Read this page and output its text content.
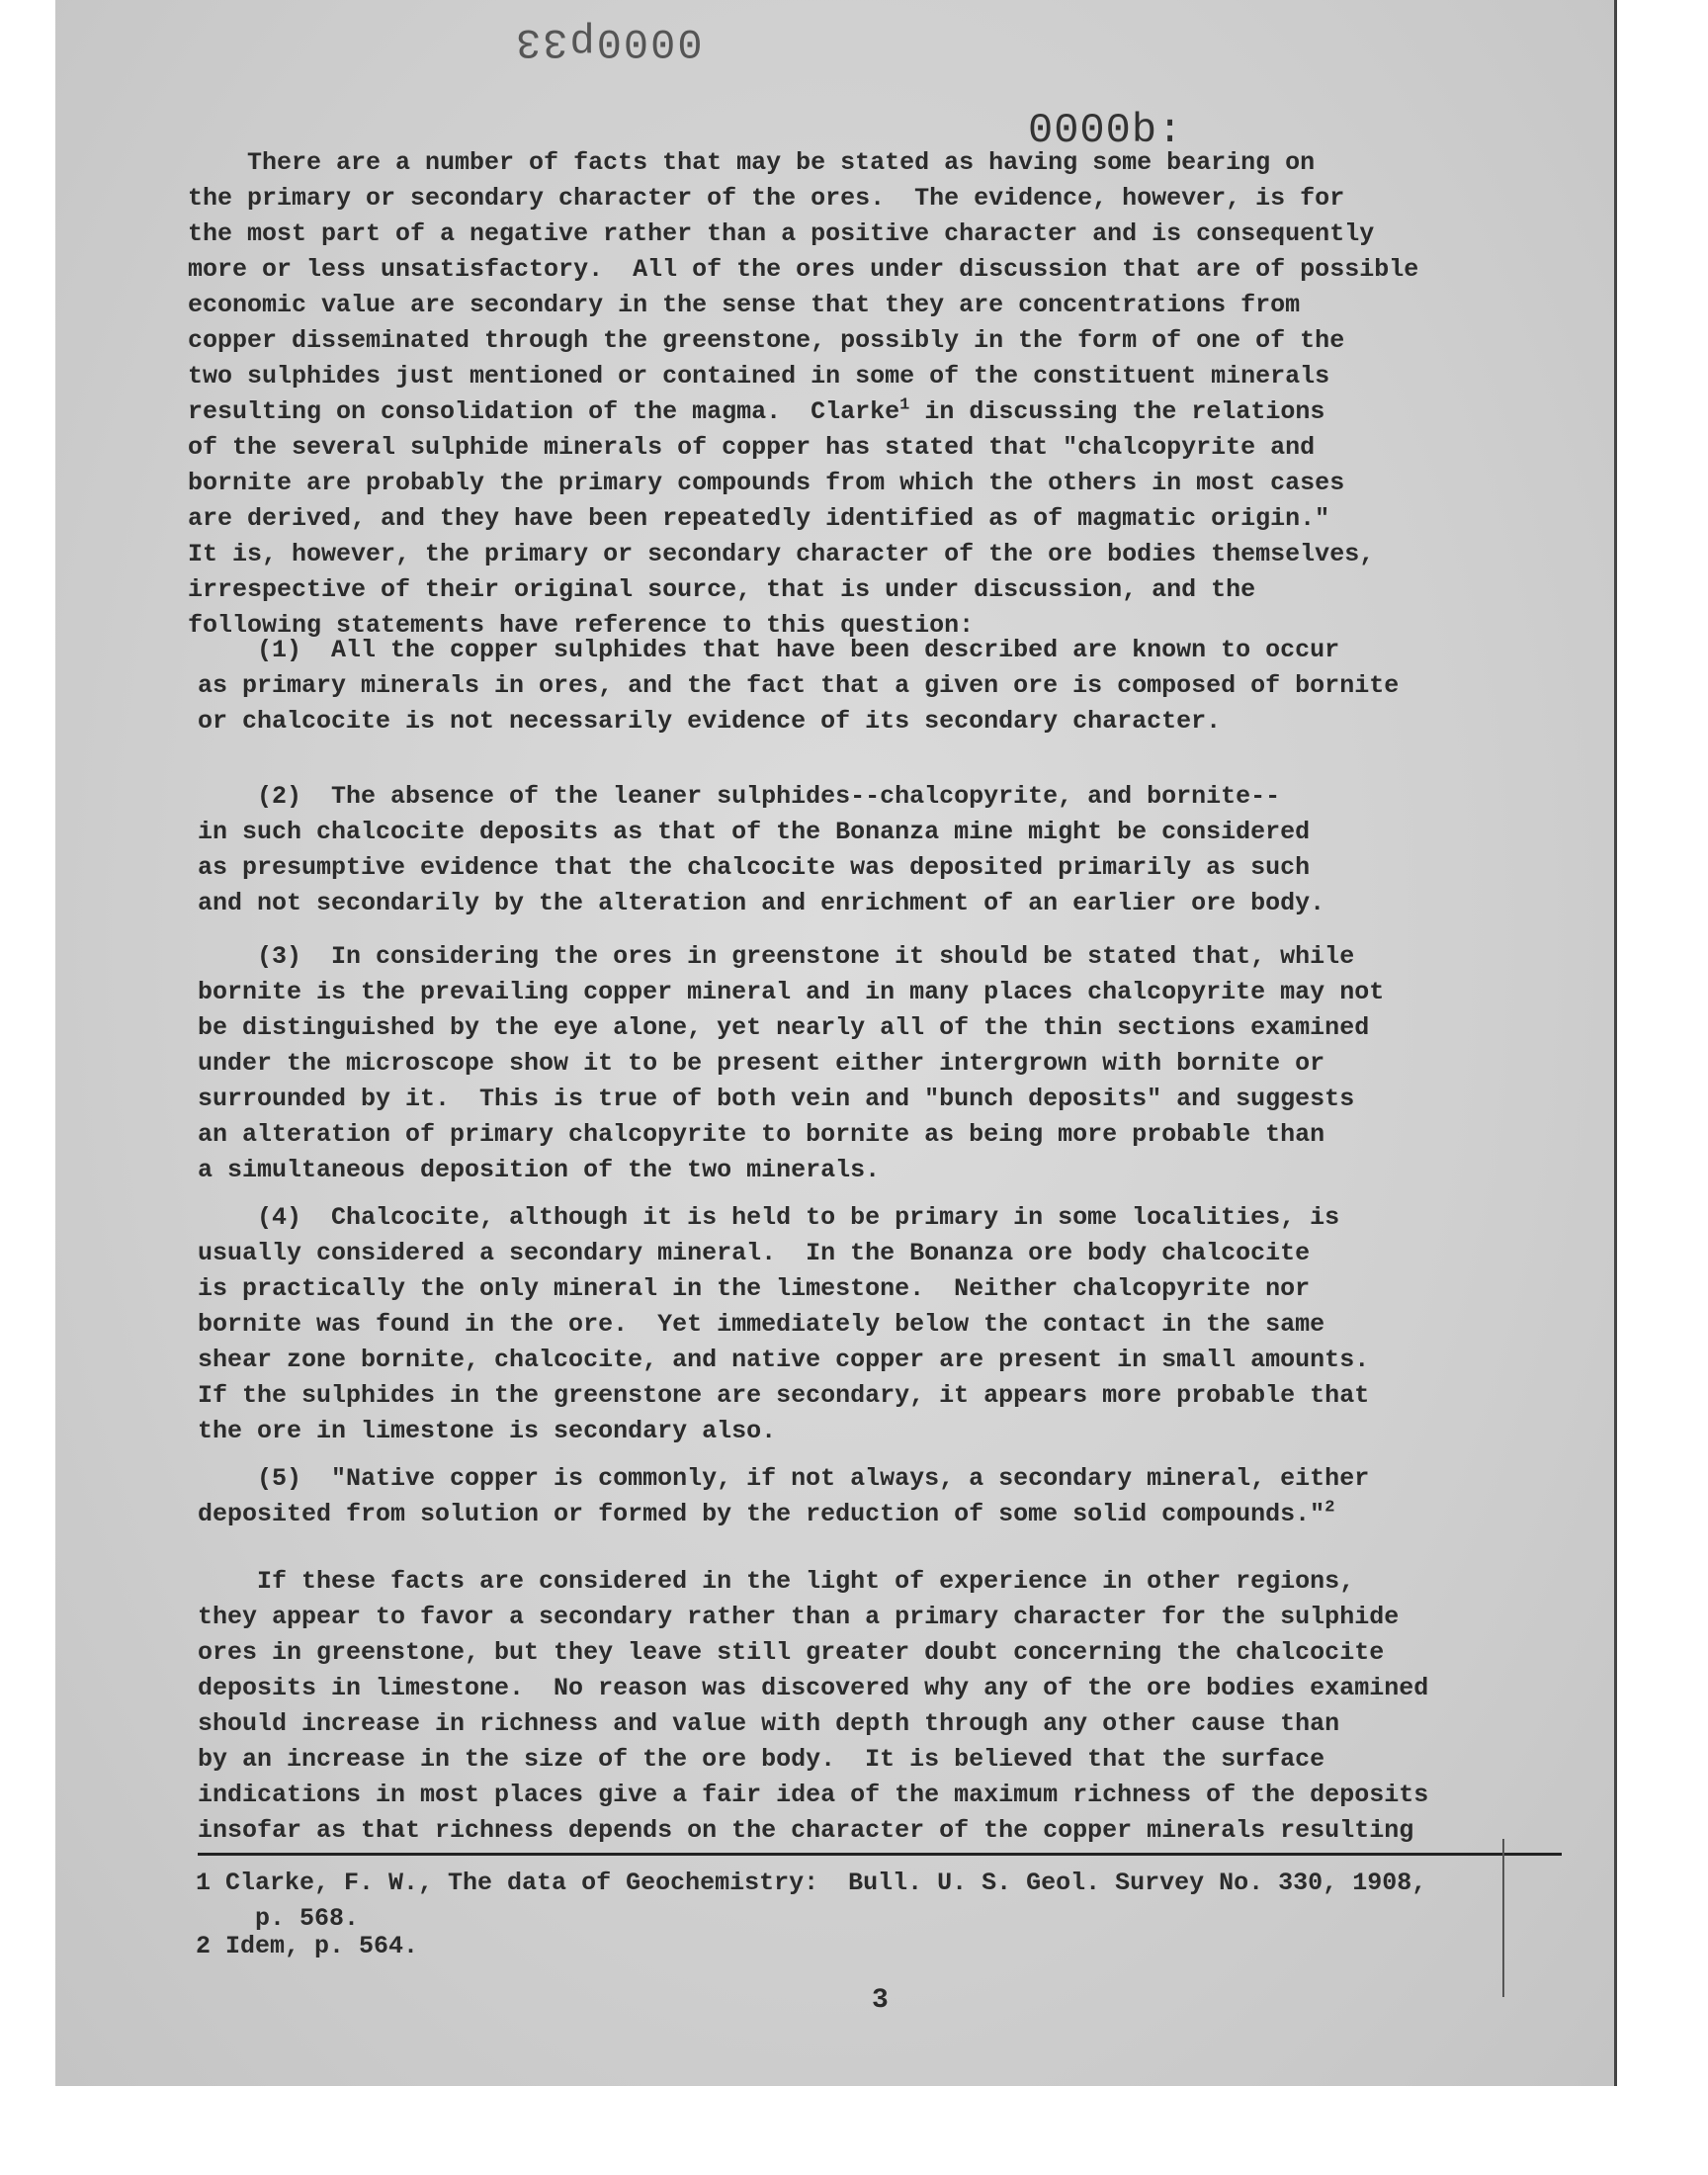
0000p33
0000b:
There are a number of facts that may be stated as having some bearing on
the primary or secondary character of the ores.  The evidence, however, is for
the most part of a negative rather than a positive character and is consequently
more or less unsatisfactory.  All of the ores under discussion that are of possible
economic value are secondary in the sense that they are concentrations from
copper disseminated through the greenstone, possibly in the form of one of the
two sulphides just mentioned or contained in some of the constituent minerals
resulting on consolidation of the magma.  Clarke$^1$ in discussing the relations
of the several sulphide minerals of copper has stated that "chalcopyrite and
bornite are probably the primary compounds from which the others in most cases
are derived, and they have been repeatedly identified as of magmatic origin."
It is, however, the primary or secondary character of the ore bodies themselves,
irrespective of their original source, that is under discussion, and the
following statements have reference to this question:
(1)  All the copper sulphides that have been described are known to occur
as primary minerals in ores, and the fact that a given ore is composed of bornite
or chalcocite is not necessarily evidence of its secondary character.
(2)  The absence of the leaner sulphides--chalcopyrite, and bornite--
in such chalcocite deposits as that of the Bonanza mine might be considered
as presumptive evidence that the chalcocite was deposited primarily as such
and not secondarily by the alteration and enrichment of an earlier ore body.
(3)  In considering the ores in greenstone it should be stated that, while
bornite is the prevailing copper mineral and in many places chalcopyrite may not
be distinguished by the eye alone, yet nearly all of the thin sections examined
under the microscope show it to be present either intergrown with bornite or
surrounded by it.  This is true of both vein and "bunch deposits" and suggests
an alteration of primary chalcopyrite to bornite as being more probable than
a simultaneous deposition of the two minerals.
(4)  Chalcocite, although it is held to be primary in some localities, is
usually considered a secondary mineral.  In the Bonanza ore body chalcocite
is practically the only mineral in the limestone.  Neither chalcopyrite nor
bornite was found in the ore.  Yet immediately below the contact in the same
shear zone bornite, chalcocite, and native copper are present in small amounts.
If the sulphides in the greenstone are secondary, it appears more probable that
the ore in limestone is secondary also.
(5)  "Native copper is commonly, if not always, a secondary mineral, either
deposited from solution or formed by the reduction of some solid compounds."$^2$
If these facts are considered in the light of experience in other regions,
they appear to favor a secondary rather than a primary character for the sulphide
ores in greenstone, but they leave still greater doubt concerning the chalcocite
deposits in limestone.  No reason was discovered why any of the ore bodies examined
should increase in richness and value with depth through any other cause than
by an increase in the size of the ore body.  It is believed that the surface
indications in most places give a fair idea of the maximum richness of the deposits
insofar as that richness depends on the character of the copper minerals resulting
1 Clarke, F. W., The data of Geochemistry:  Bull. U. S. Geol. Survey No. 330, 1908,
p. 568.
2 Idem, p. 564.
3
